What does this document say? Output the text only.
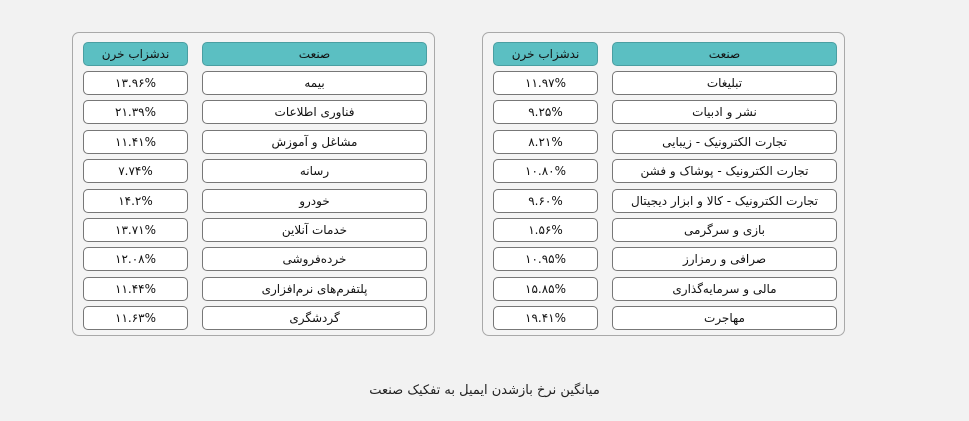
نرخ بازشدن	صنعت
۱۱.۹۷%	تبلیغات
۹.۲۵%	نشر و ادبیات
۸.۲۱%	تجارت الکترونیک - زیبایی
۱۰.۸۰%	تجارت الکترونیک - پوشاک و فشن
۹.۶۰%	تجارت الکترونیک - کالا و ابزار دیجیتال
۱.۵۶%	بازی و سرگرمی
۱۰.۹۵%	صرافی و رمزارز
۱۵.۸۵%	مالی و سرمایه‌گذاری
۱۹.۴۱%	مهاجرت
نرخ بازشدن	صنعت
۱۳.۹۶%	بیمه
۲۱.۳۹%	فناوری اطلاعات
۱۱.۴۱%	مشاغل و آموزش
۷.۷۴%	رسانه
۱۴.۲%	خودرو
۱۳.۷۱%	خدمات آنلاین
۱۲.۰۸%	خرده‌فروشی
۱۱.۴۴%	پلتفرم‌های نرم‌افزاری
۱۱.۶۳%	گردشگری
میانگین نرخ بازشدن ایمیل به تفکیک صنعت
